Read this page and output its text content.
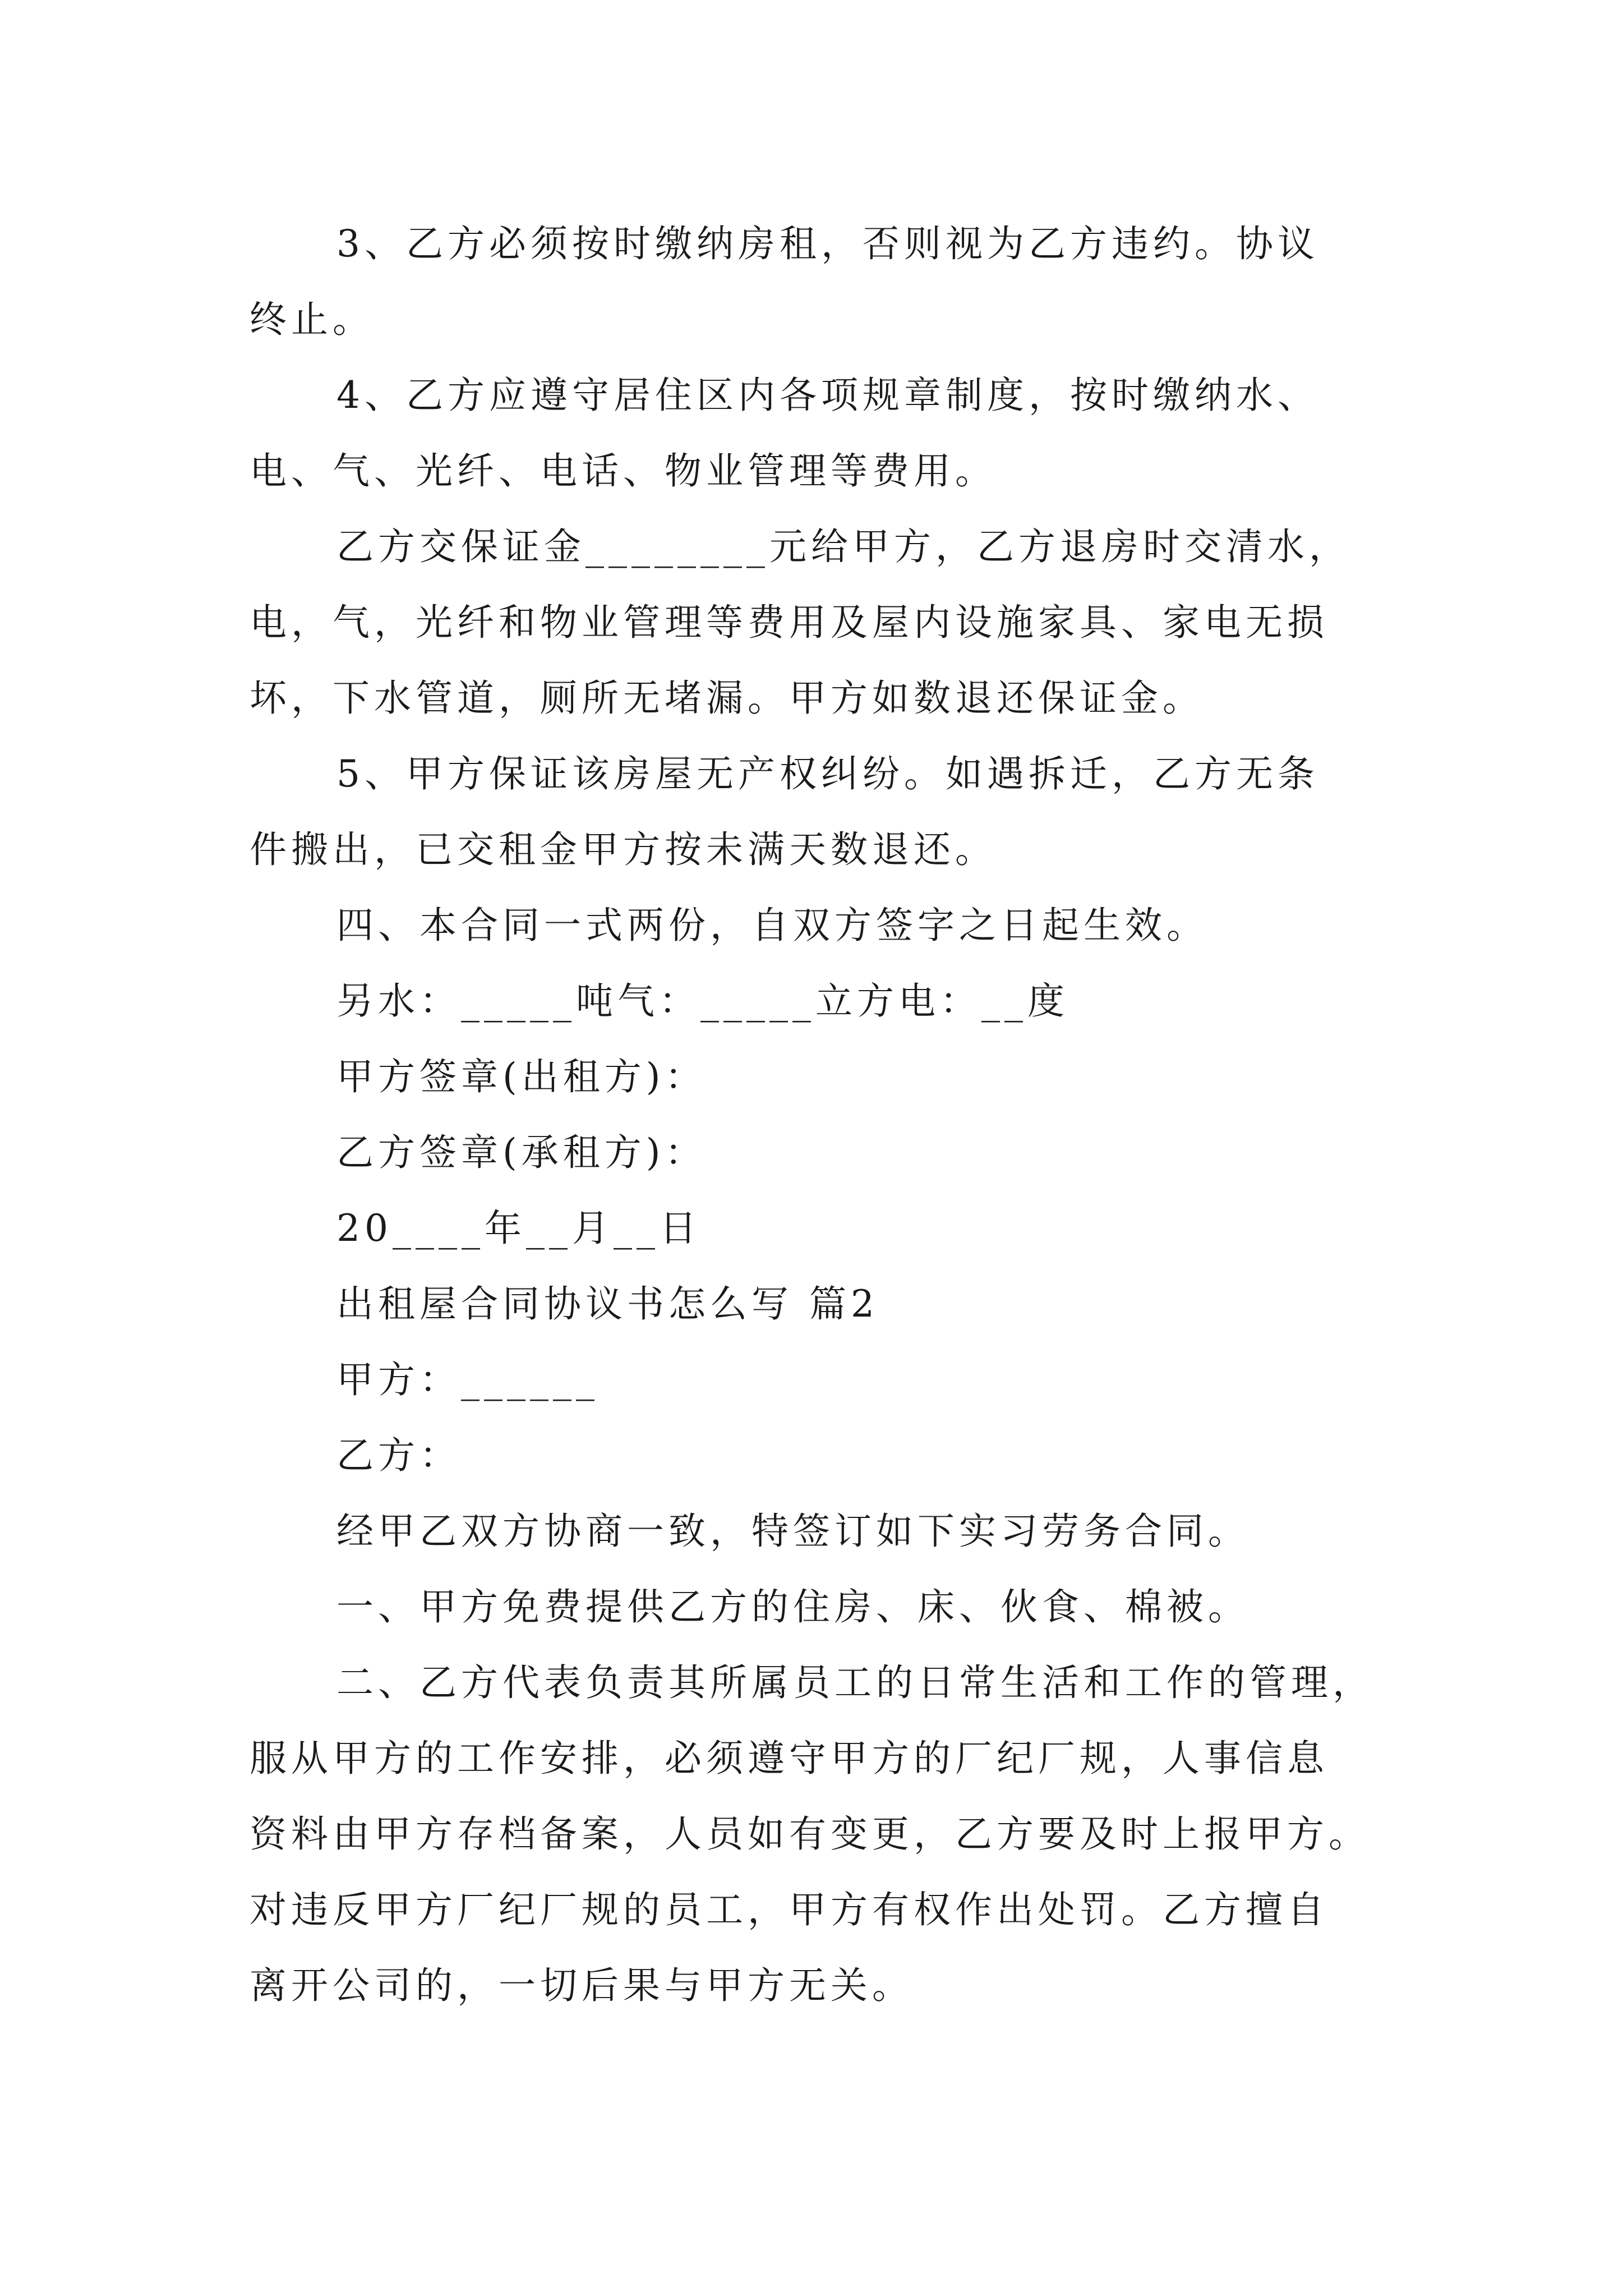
3、乙方必须按时缴纳房租，否则视为乙方违约。协议
终止。
4、乙方应遵守居住区内各项规章制度，按时缴纳水、
电、气、光纤、电话、物业管理等费用。
乙方交保证金________元给甲方，乙方退房时交清水，
电，气，光纤和物业管理等费用及屋内设施家具、家电无损
坏，下水管道，厕所无堵漏。甲方如数退还保证金。
5、甲方保证该房屋无产权纠纷。如遇拆迁，乙方无条
件搬出，已交租金甲方按未满天数退还。
四、本合同一式两份，自双方签字之日起生效。
另水：_____吨气：_____立方电：__度
甲方签章(出租方)：
乙方签章(承租方)：
20____年__月__日
出租屋合同协议书怎么写 篇2
甲方：______
乙方：
经甲乙双方协商一致，特签订如下实习劳务合同。
一、甲方免费提供乙方的住房、床、伙食、棉被。
二、乙方代表负责其所属员工的日常生活和工作的管理，
服从甲方的工作安排，必须遵守甲方的厂纪厂规，人事信息
资料由甲方存档备案，人员如有变更，乙方要及时上报甲方。
对违反甲方厂纪厂规的员工，甲方有权作出处罚。乙方擅自
离开公司的，一切后果与甲方无关。
